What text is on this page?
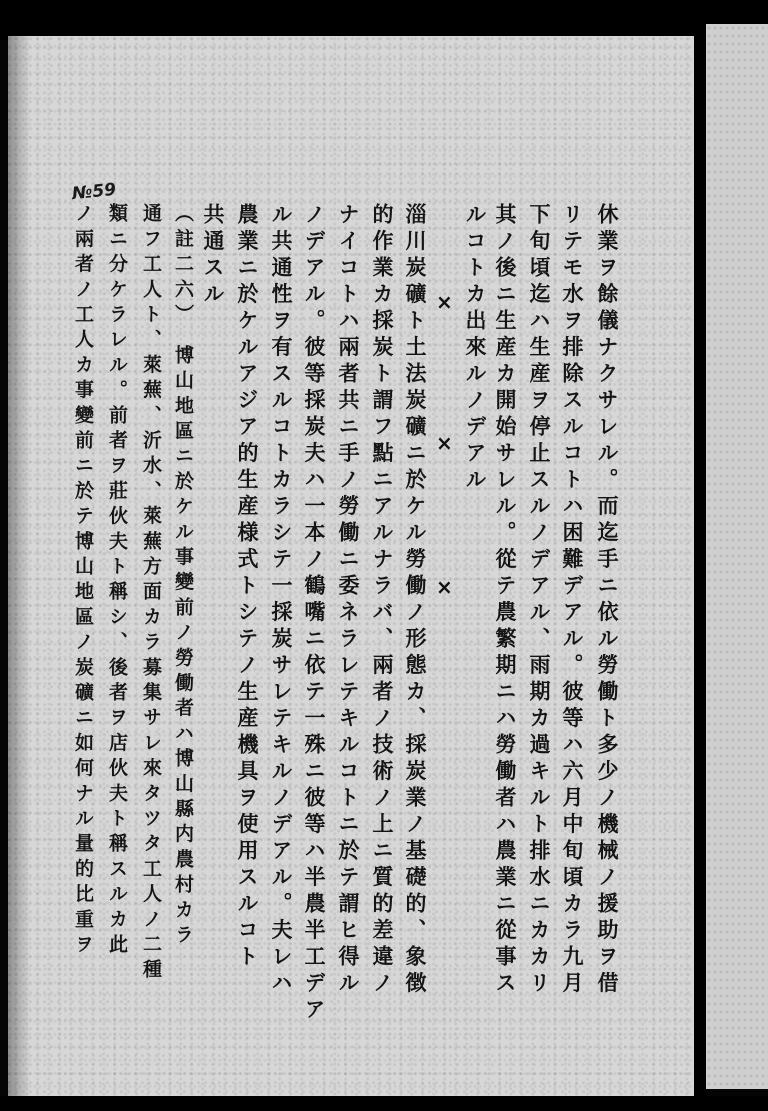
№59
休業ヲ餘儀ナクサレル。而迄手ニ依ル勞働ト多少ノ機械ノ援助ヲ借
リテモ水ヲ排除スルコトハ困難デアル。彼等ハ六月中旬頃カラ九月
下旬頃迄ハ生産ヲ停止スルノデアル、雨期カ過キルト排水ニカカリ
其ノ後ニ生産カ開始サレル。從テ農繁期ニハ勞働者ハ農業ニ從事ス
ルコトカ出來ルノデアル
淄川炭礦ト土法炭礦ニ於ケル勞働ノ形態カ、採炭業ノ基礎的、象徴
的作業カ採炭ト謂フ點ニアルナラバ、兩者ノ技術ノ上ニ質的差違ノ
ナイコトハ兩者共ニ手ノ勞働ニ委ネラレテキルコトニ於テ謂ヒ得ル
ノデアル。彼等採炭夫ハ一本ノ鶴嘴ニ依テ一殊ニ彼等ハ半農半工デア
ル共通性ヲ有スルコトカラシテ一採炭サレテキルノデアル。夫レハ
農業ニ於ケルアジア的生産様式トシテノ生産機具ヲ使用スルコト
共通スル
（註二六）　博山地區ニ於ケル事變前ノ勞働者ハ博山縣内農村カラ
通フ工人ト、萊蕪、沂水、萊蕪方面カラ募集サレ來タツタ工人ノ二種
類ニ分ケラレル。前者ヲ莊伙夫ト稱シ、後者ヲ店伙夫ト稱スルカ此
ノ兩者ノ工人カ事變前ニ於テ博山地區ノ炭礦ニ如何ナル量的比重ヲ	×
×
×
